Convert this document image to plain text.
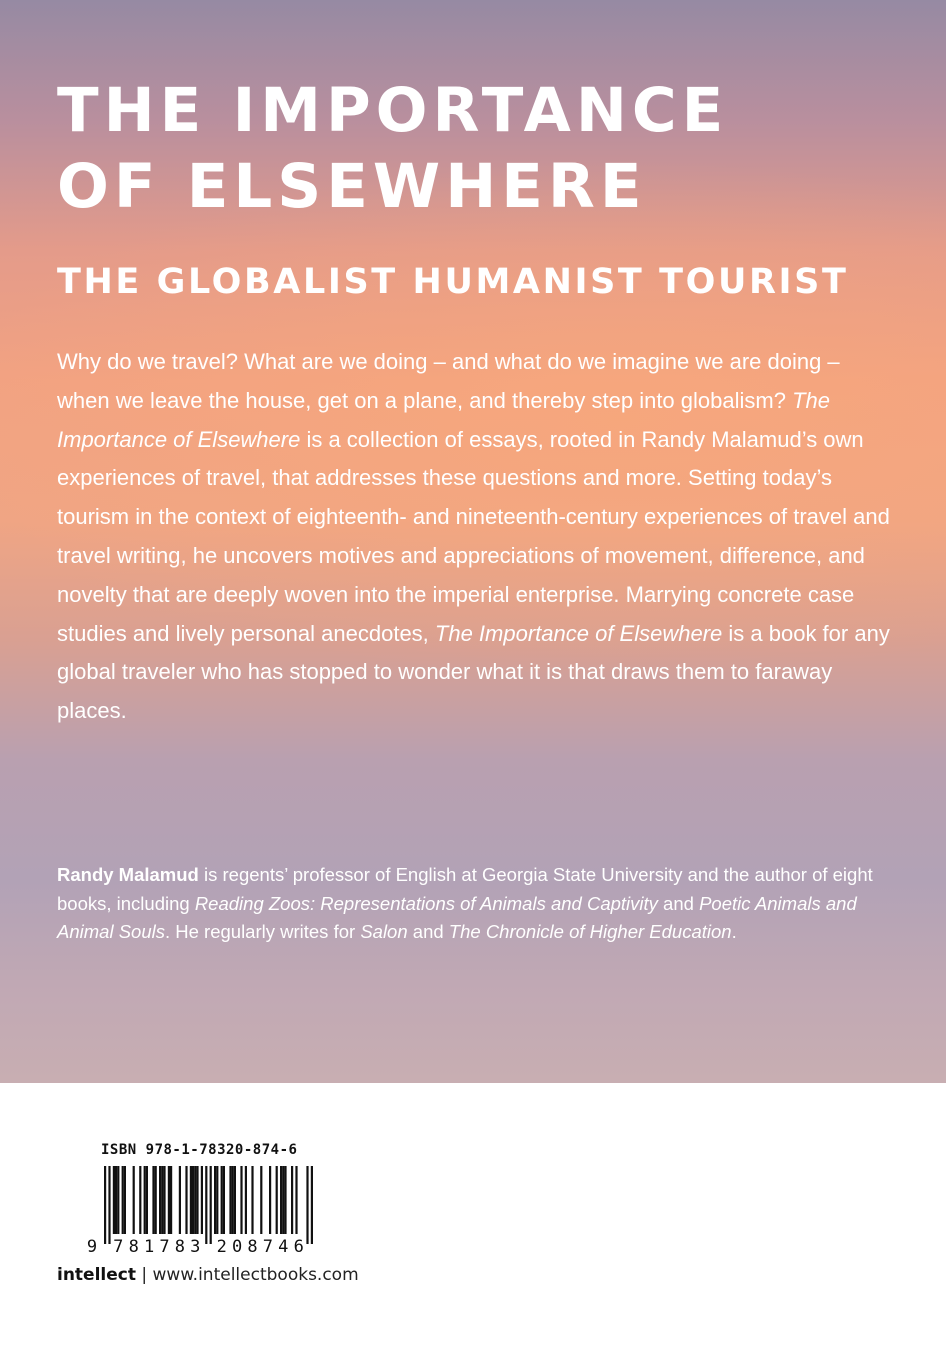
THE IMPORTANCE
OF ELSEWHERE
THE GLOBALIST HUMANIST TOURIST

Why do we travel? What are we doing – and what do we imagine we are doing – when we leave the house, get on a plane, and thereby step into globalism? The Importance of Elsewhere is a collection of essays, rooted in Randy Malamud’s own experiences of travel, that addresses these questions and more. Setting today’s tourism in the context of eighteenth- and nineteenth-century experiences of travel and travel writing, he uncovers motives and appreciations of movement, difference, and novelty that are deeply woven into the imperial enterprise. Marrying concrete case studies and lively personal anecdotes, The Importance of Elsewhere is a book for any global traveler who has stopped to wonder what it is that draws them to faraway places.

Randy Malamud is regents’ professor of English at Georgia State University and the author of eight books, including Reading Zoos: Representations of Animals and Captivity and Poetic Animals and Animal Souls. He regularly writes for Salon and The Chronicle of Higher Education.

ISBN 978-1-78320-874-6
9 7 8 1 7 8 3 2 0 8 7 4 6
intellect | www.intellectbooks.com
